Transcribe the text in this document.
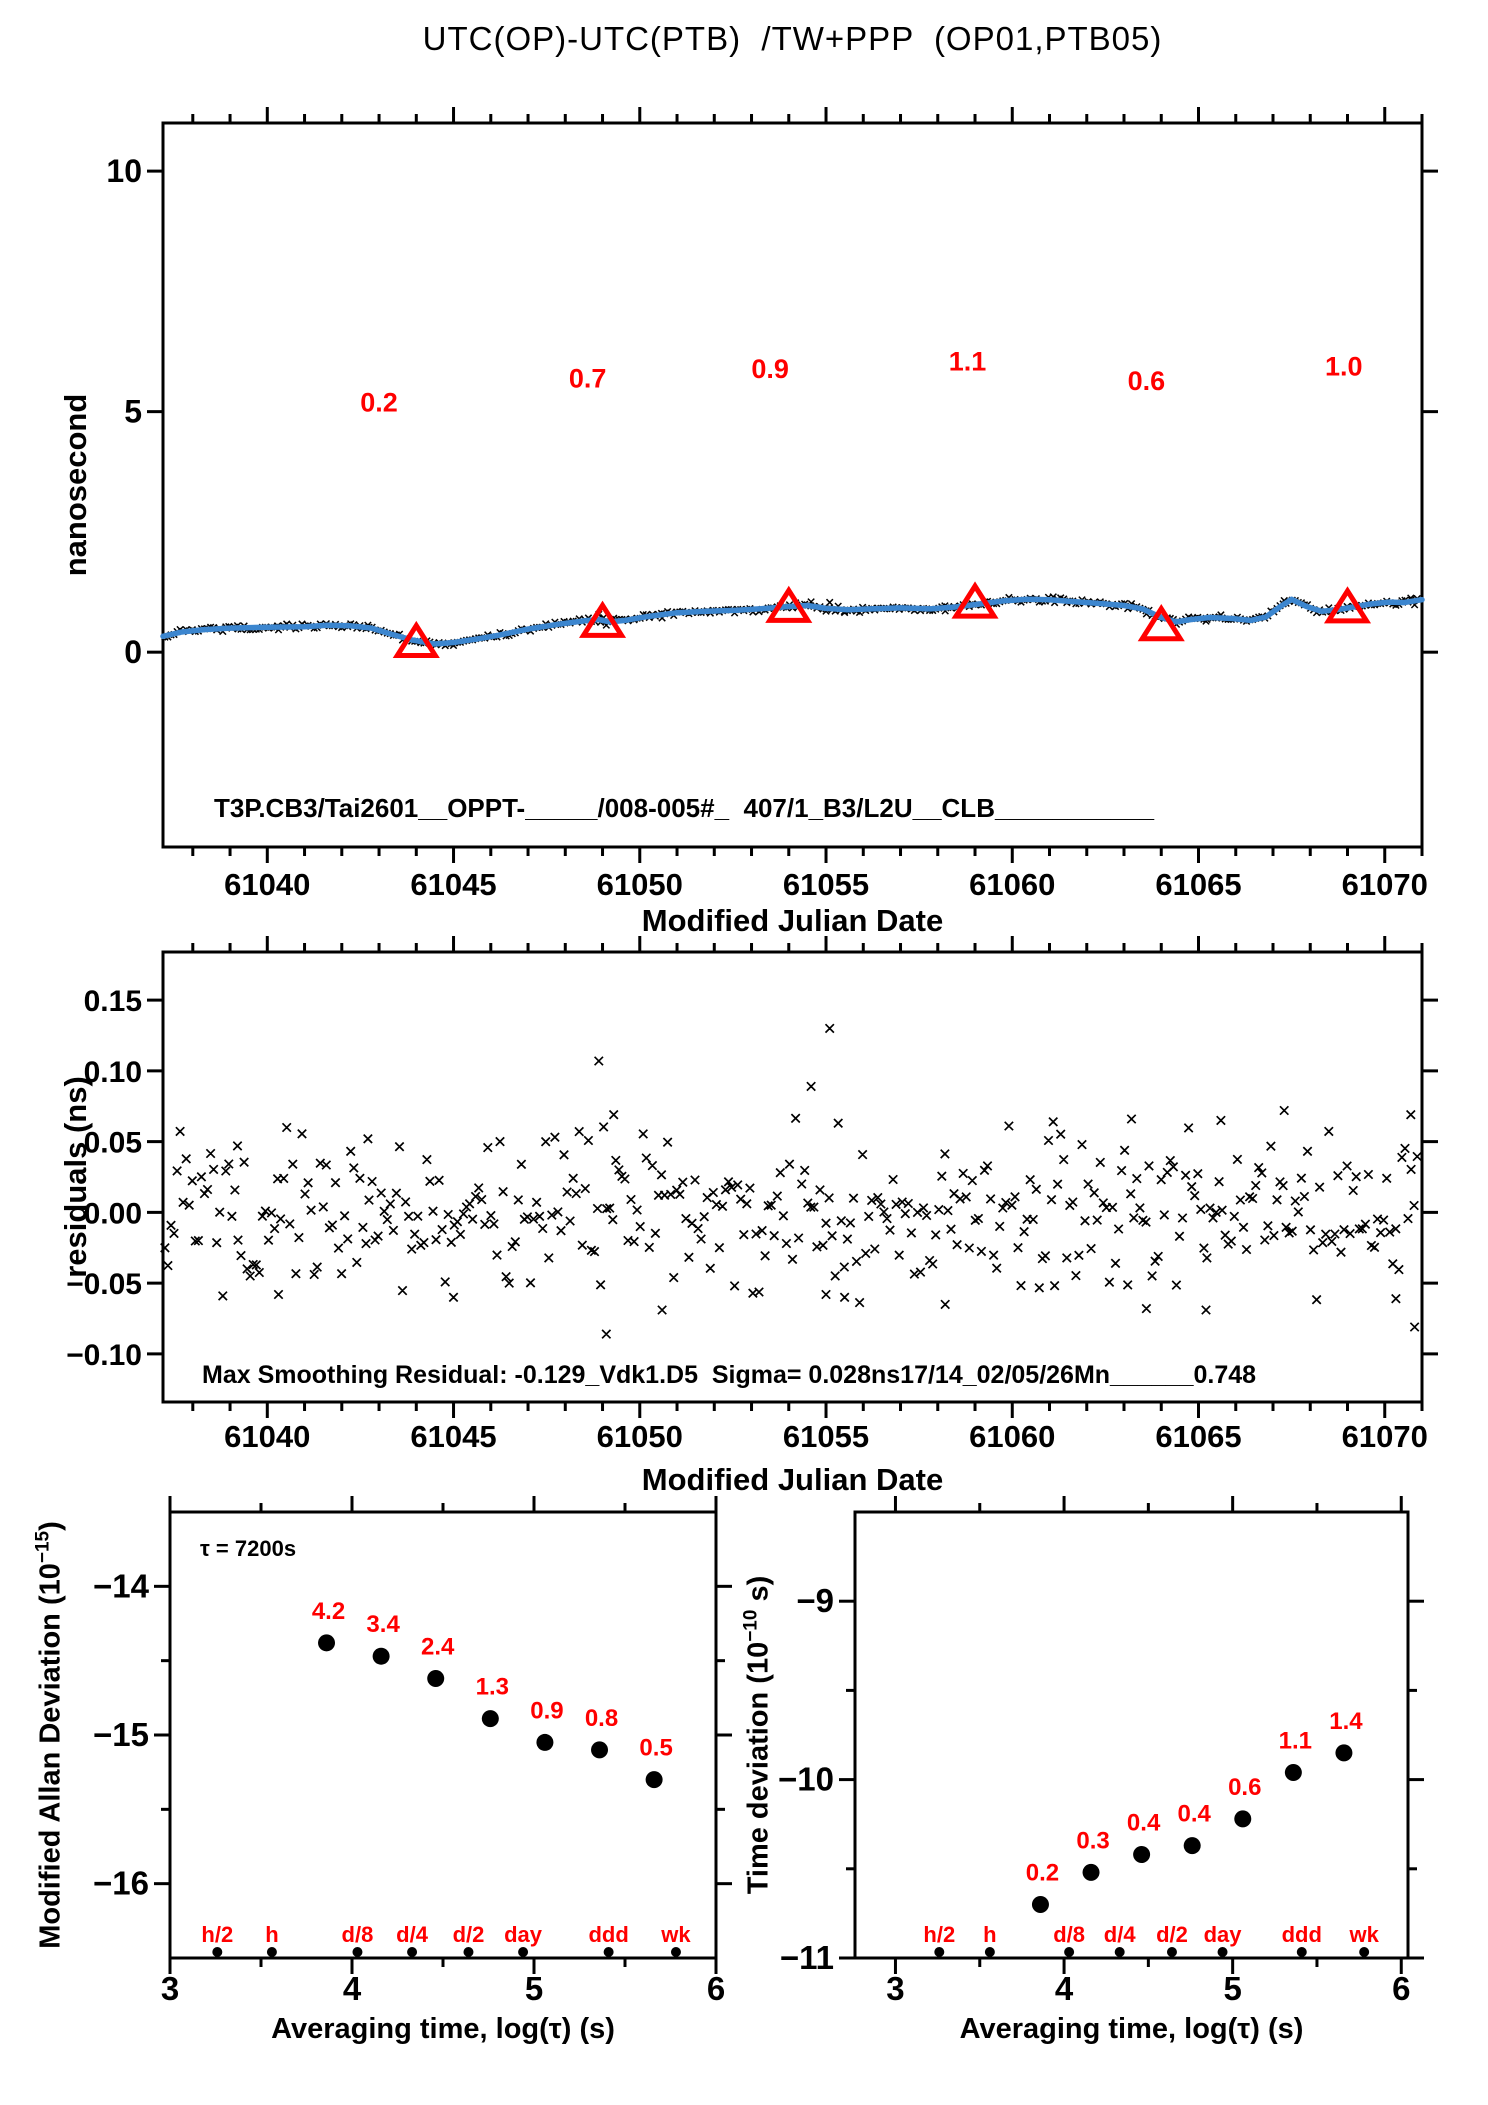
61040	61045	61050	61055	61060	61065	61070
0
5
10
0.2
0.7	0.9	1.1
0.6	1.0
61040	61045	61050	61055	61060	61065	61070
0.15
0.10
0.05
0.00
−0.05
−0.10
3	4	5	6
−14
−15
−16
4.2 3.4
2.4
1.3
0.9 0.8
0.5
h/2 h	d/8 d/4 d/2 day ddd wk
3	4	5	6
−9
−10
−11
0.2
0.3
0.4 0.4
0.6
1.1
1.4
h/2 h	d/8 d/4 d/2 day ddd wk
UTC(OP)-UTC(PTB)  /TW+PPP  (OP01,PTB05)
nanosecond
Modified Julian Date
T3P.CB3/Tai2601__OPPT-_____/008-005#_  407/1_B3/L2U__CLB___________
residuals (ns)
Modified Julian Date
Max Smoothing Residual: -0.129_Vdk1.D5  Sigma= 0.028ns17/14_02/05/26Mn______0.748
Modified Allan Deviation $(10^{-15})$
Averaging time, log(τ) (s)
τ = 7200s
Time deviation ($10^{-10}$ s)
Averaging time, log(τ) (s)
